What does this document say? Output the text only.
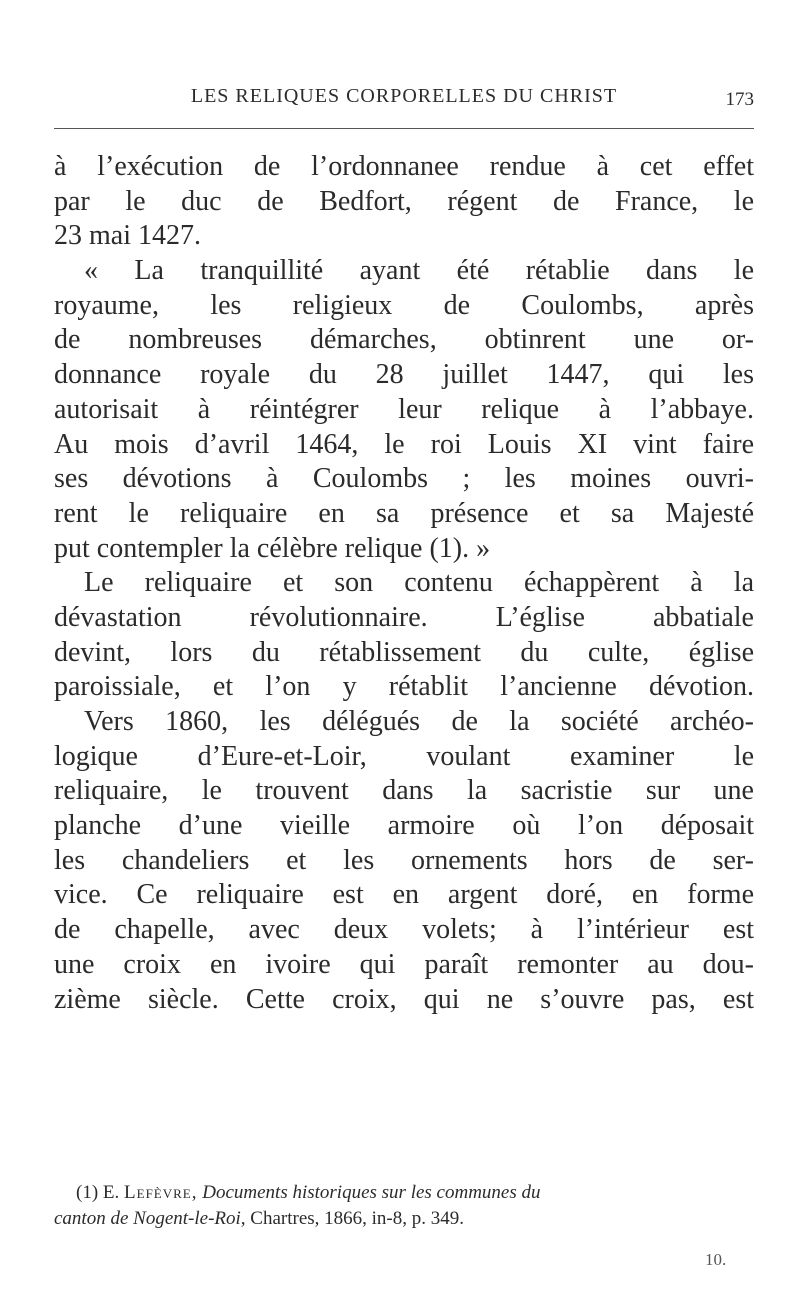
LES RELIQUES CORPORELLES DU CHRIST	173
à l’exécution de l’ordonnanee rendue à cet effet
par le duc de Bedfort, régent de France, le
23 mai 1427.
« La tranquillité ayant été rétablie dans le
royaume, les religieux de Coulombs, après
de nombreuses démarches, obtinrent une or-
donnance royale du 28 juillet 1447, qui les
autorisait à réintégrer leur relique à l’abbaye.
Au mois d’avril 1464, le roi Louis XI vint faire
ses dévotions à Coulombs ; les moines ouvri-
rent le reliquaire en sa présence et sa Majesté
put contempler la célèbre relique (1). »
Le reliquaire et son contenu échappèrent à la
dévastation révolutionnaire. L’église abbatiale
devint, lors du rétablissement du culte, église
paroissiale, et l’on y rétablit l’ancienne dévotion.
Vers 1860, les délégués de la société archéo-
logique d’Eure-et-Loir, voulant examiner le
reliquaire, le trouvent dans la sacristie sur une
planche d’une vieille armoire où l’on déposait
les chandeliers et les ornements hors de ser-
vice. Ce reliquaire est en argent doré, en forme
de chapelle, avec deux volets; à l’intérieur est
une croix en ivoire qui paraît remonter au dou-
zième siècle. Cette croix, qui ne s’ouvre pas, est
(1) E. Lefèvre, Documents historiques sur les communes du
canton de Nogent-le-Roi, Chartres, 1866, in-8, p. 349.
10.
